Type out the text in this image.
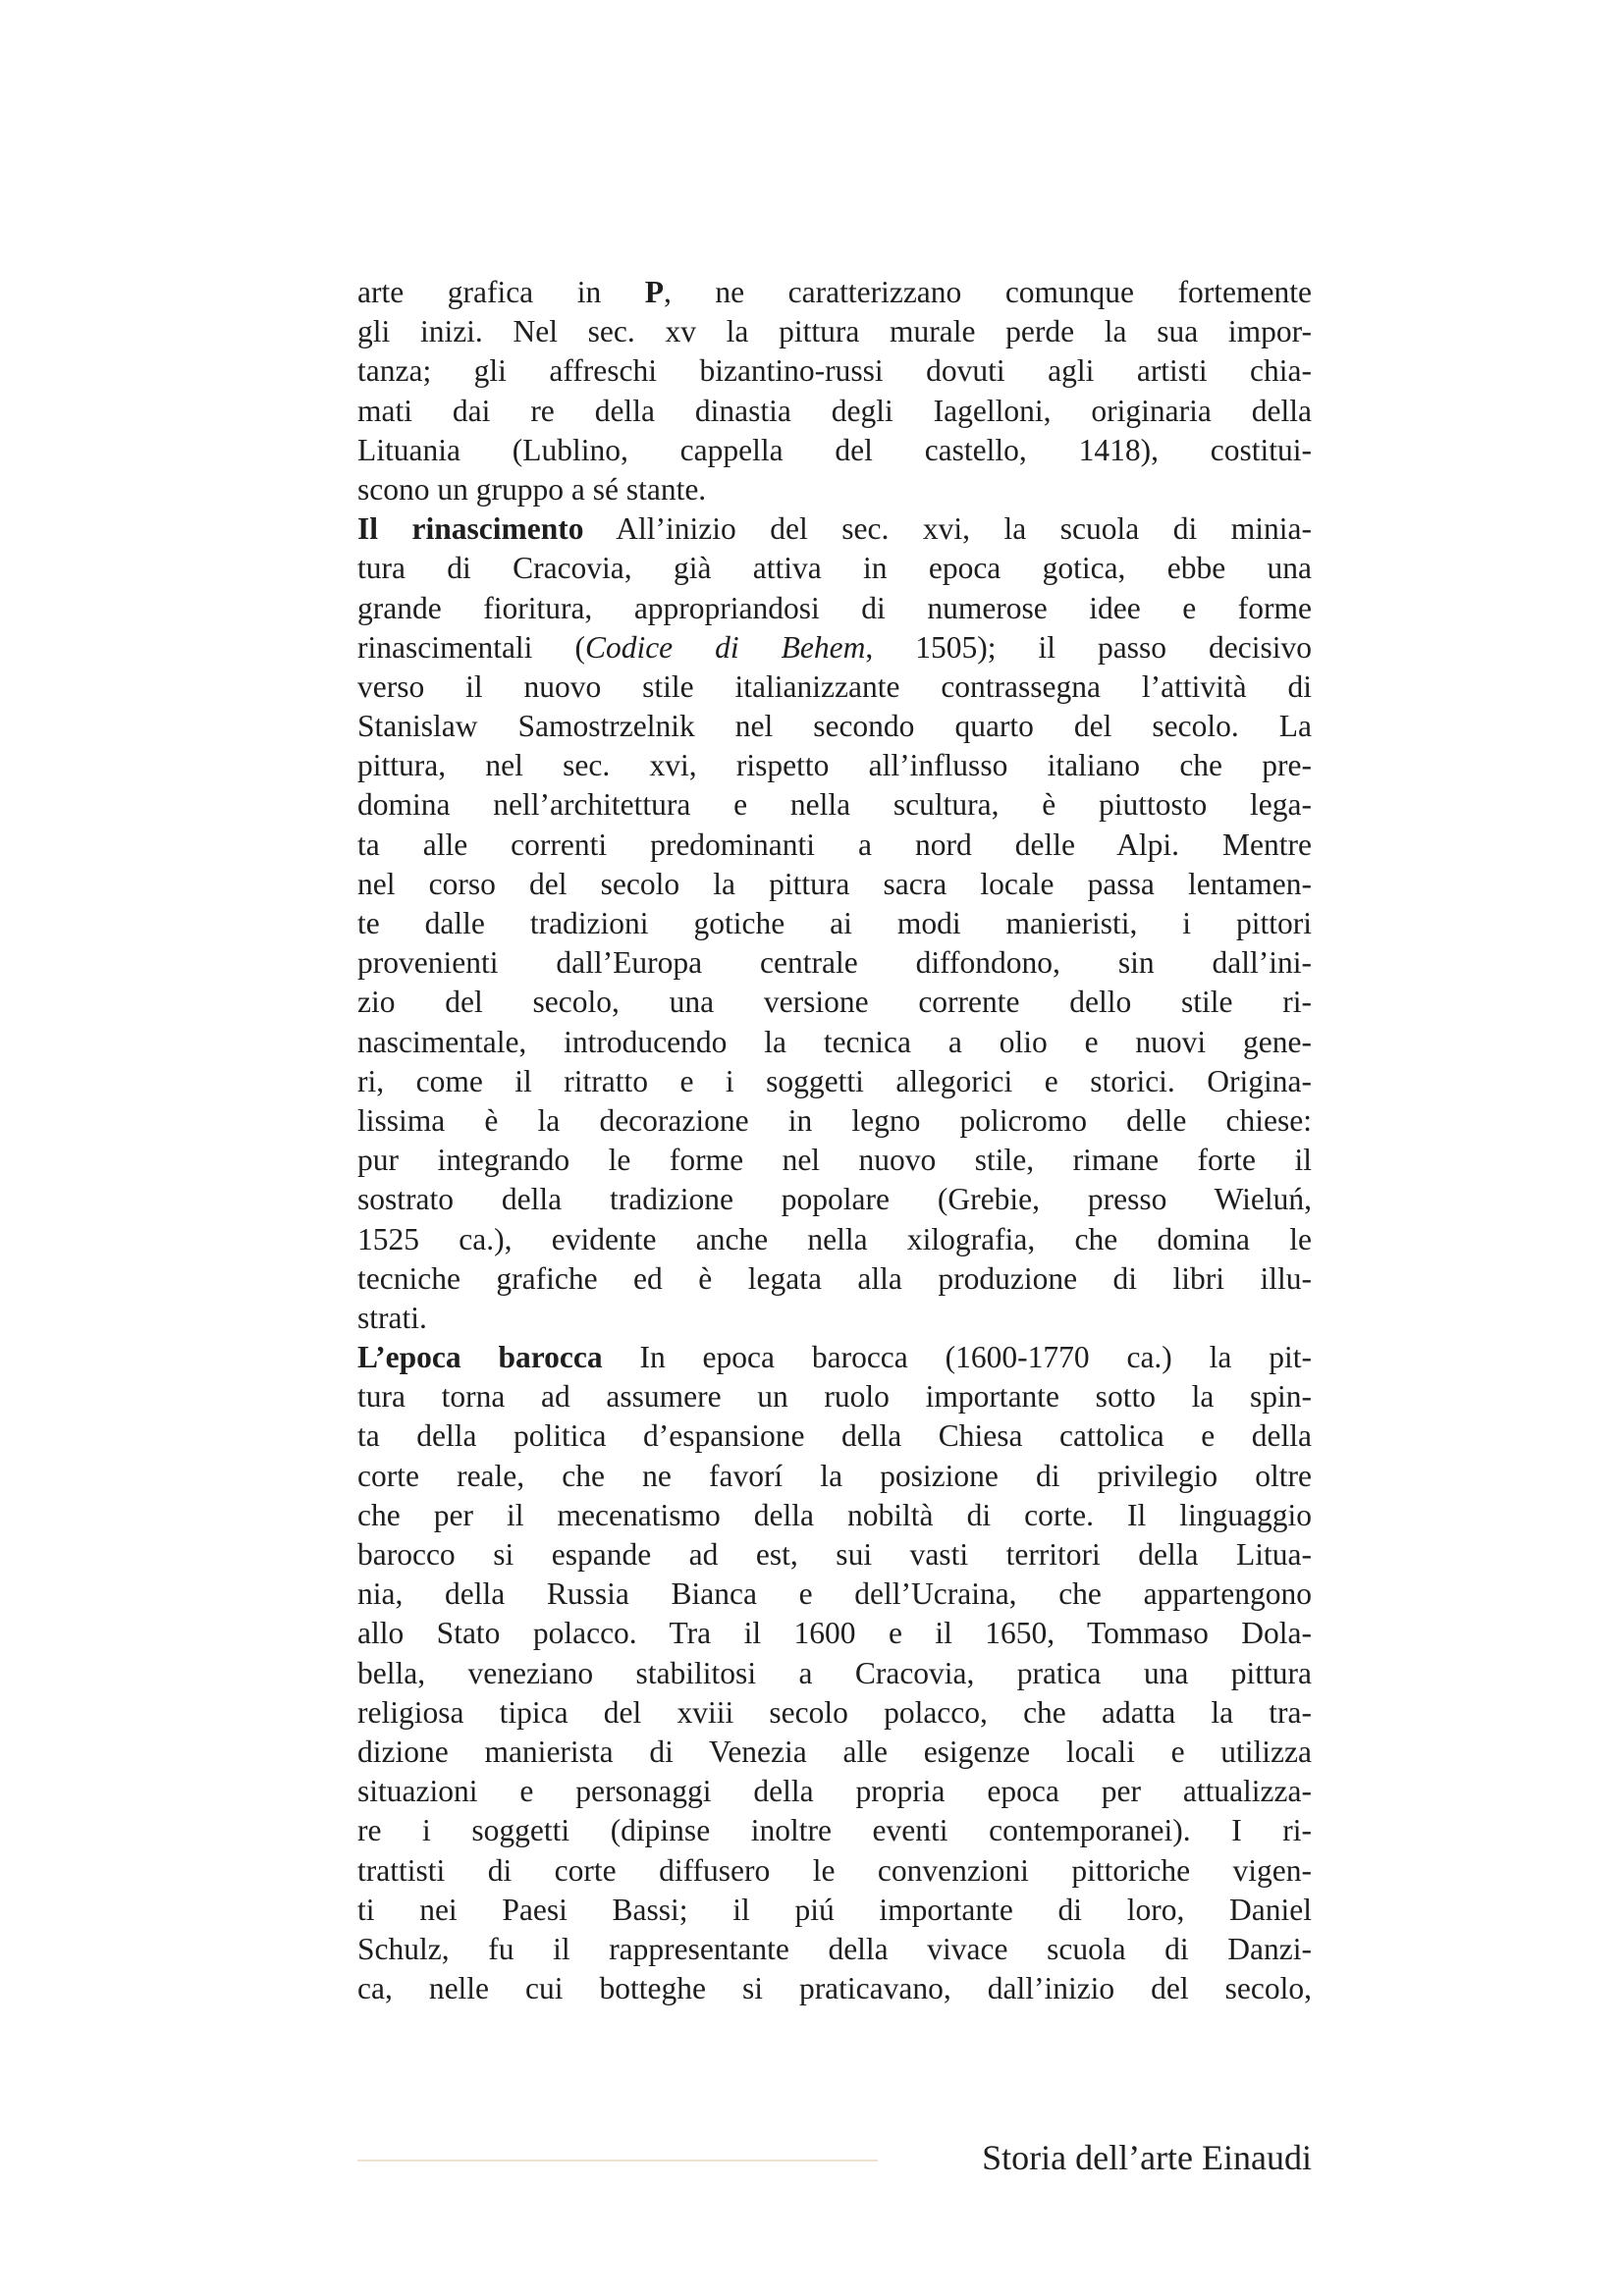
arte grafica in P, ne caratterizzano comunque fortemente
gli inizi. Nel sec. xv la pittura murale perde la sua impor-
tanza; gli affreschi bizantino-russi dovuti agli artisti chia-
mati dai re della dinastia degli Iagelloni, originaria della
Lituania (Lublino, cappella del castello, 1418), costitui-
scono un gruppo a sé stante.
Il rinascimento All’inizio del sec. xvi, la scuola di minia-
tura di Cracovia, già attiva in epoca gotica, ebbe una
grande fioritura, appropriandosi di numerose idee e forme
rinascimentali (Codice di Behem, 1505); il passo decisivo
verso il nuovo stile italianizzante contrassegna l’attività di
Stanislaw Samostrzelnik nel secondo quarto del secolo. La
pittura, nel sec. xvi, rispetto all’influsso italiano che pre-
domina nell’architettura e nella scultura, è piuttosto lega-
ta alle correnti predominanti a nord delle Alpi. Mentre
nel corso del secolo la pittura sacra locale passa lentamen-
te dalle tradizioni gotiche ai modi manieristi, i pittori
provenienti dall’Europa centrale diffondono, sin dall’ini-
zio del secolo, una versione corrente dello stile ri-
nascimentale, introducendo la tecnica a olio e nuovi gene-
ri, come il ritratto e i soggetti allegorici e storici. Origina-
lissima è la decorazione in legno policromo delle chiese:
pur integrando le forme nel nuovo stile, rimane forte il
sostrato della tradizione popolare (Grebie, presso Wieluń,
1525 ca.), evidente anche nella xilografia, che domina le
tecniche grafiche ed è legata alla produzione di libri illu-
strati.
L’epoca barocca In epoca barocca (1600-1770 ca.) la pit-
tura torna ad assumere un ruolo importante sotto la spin-
ta della politica d’espansione della Chiesa cattolica e della
corte reale, che ne favorí la posizione di privilegio oltre
che per il mecenatismo della nobiltà di corte. Il linguaggio
barocco si espande ad est, sui vasti territori della Litua-
nia, della Russia Bianca e dell’Ucraina, che appartengono
allo Stato polacco. Tra il 1600 e il 1650, Tommaso Dola-
bella, veneziano stabilitosi a Cracovia, pratica una pittura
religiosa tipica del xviii secolo polacco, che adatta la tra-
dizione manierista di Venezia alle esigenze locali e utilizza
situazioni e personaggi della propria epoca per attualizza-
re i soggetti (dipinse inoltre eventi contemporanei). I ri-
trattisti di corte diffusero le convenzioni pittoriche vigen-
ti nei Paesi Bassi; il piú importante di loro, Daniel
Schulz, fu il rappresentante della vivace scuola di Danzi-
ca, nelle cui botteghe si praticavano, dall’inizio del secolo,
Storia dell’arte Einaudi
